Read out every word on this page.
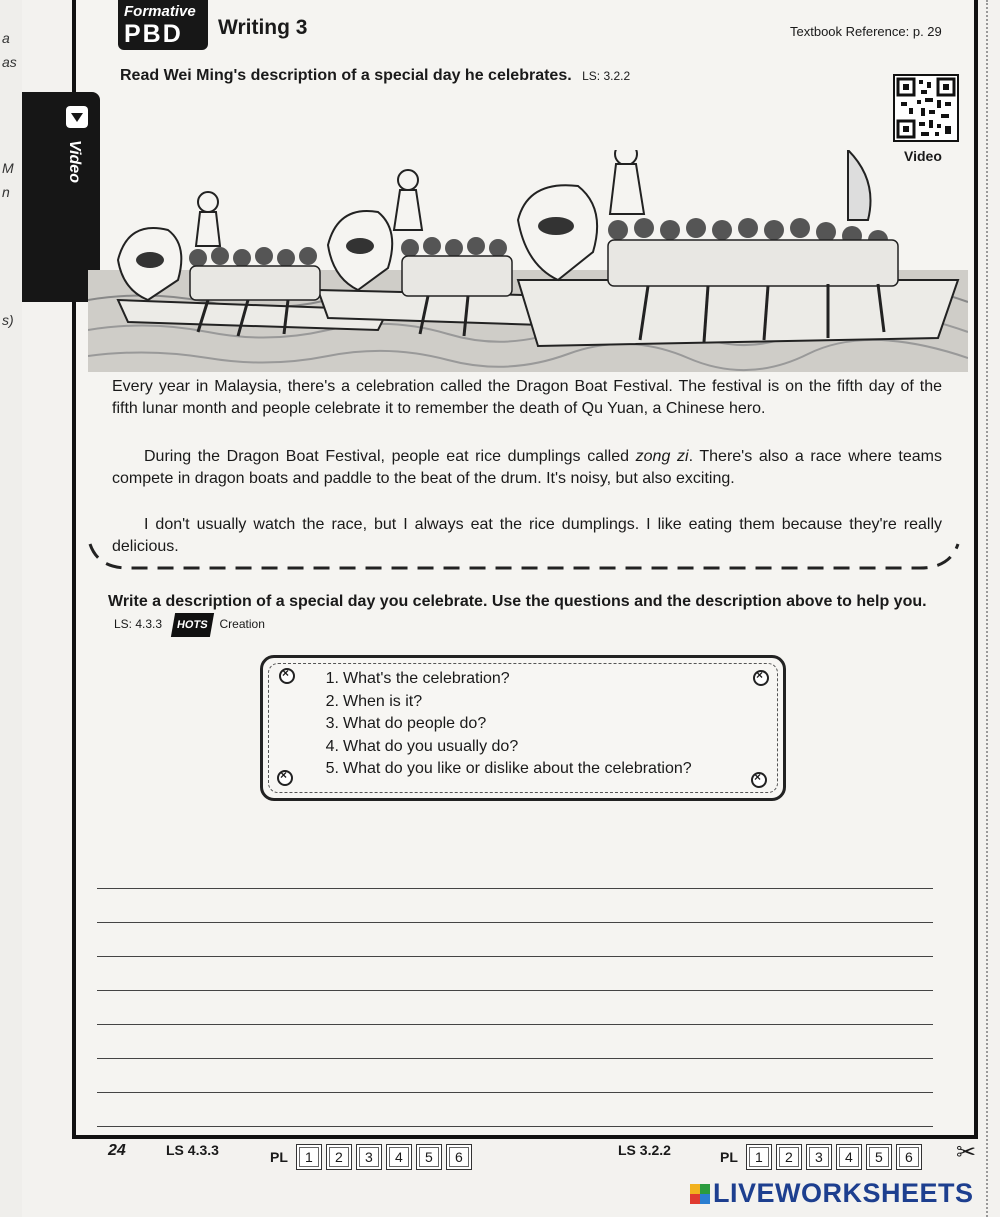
a
as
M
n
s)
Video
Formative
PBD Writing 3	Textbook Reference: p. 29
Read Wei Ming's description of a special day he celebrates. LS: 3.2.2
Video
Every year in Malaysia, there's a celebration called the Dragon Boat Festival. The festival is on the fifth day of the fifth lunar month and people celebrate it to remember the death of Qu Yuan, a Chinese hero.
During the Dragon Boat Festival, people eat rice dumplings called zong zi. There's also a race where teams compete in dragon boats and paddle to the beat of the drum. It's noisy, but also exciting.
I don't usually watch the race, but I always eat the rice dumplings. I like eating them because they're really delicious.
Write a description of a special day you celebrate. Use the questions and the description above to help you. LS: 4.3.3 HOTS Creation
×
×
×
×
1. What's the celebration?
2. When is it?
3. What do people do?
4. What do you usually do?
5. What do you like or dislike about the celebration?
24	LS 4.3.3	PL	1	2	3	4	5	6	LS 3.2.2	PL	1	2	3	4	5	6	✂
LIVEWORKSHEETS
